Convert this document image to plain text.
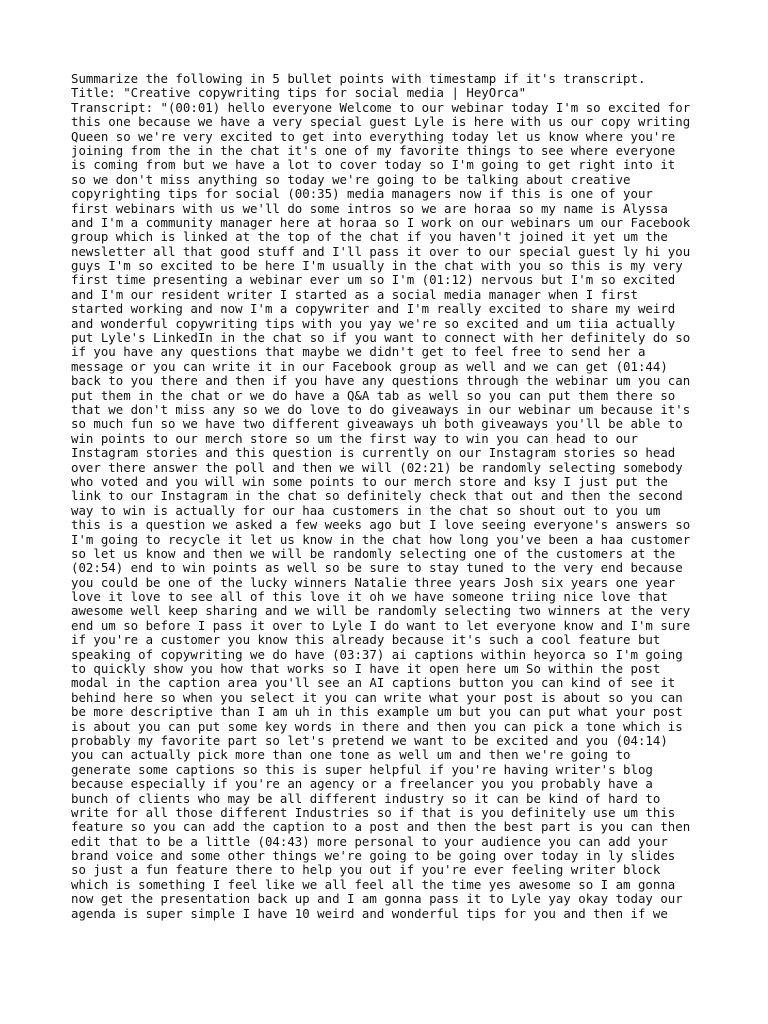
Summarize the following in 5 bullet points with timestamp if it's transcript.
Title: "Creative copywriting tips for social media | HeyOrca"
Transcript: "(00:01) hello everyone Welcome to our webinar today I'm so excited for
this one because we have a very special guest Lyle is here with us our copy writing
Queen so we're very excited to get into everything today let us know where you're
joining from the in the chat it's one of my favorite things to see where everyone
is coming from but we have a lot to cover today so I'm going to get right into it
so we don't miss anything so today we're going to be talking about creative
copyrighting tips for social (00:35) media managers now if this is one of your
first webinars with us we'll do some intros so we are horaa so my name is Alyssa
and I'm a community manager here at horaa so I work on our webinars um our Facebook
group which is linked at the top of the chat if you haven't joined it yet um the
newsletter all that good stuff and I'll pass it over to our special guest ly hi you
guys I'm so excited to be here I'm usually in the chat with you so this is my very
first time presenting a webinar ever um so I'm (01:12) nervous but I'm so excited
and I'm our resident writer I started as a social media manager when I first
started working and now I'm a copywriter and I'm really excited to share my weird
and wonderful copywriting tips with you yay we're so excited and um tiia actually
put Lyle's LinkedIn in the chat so if you want to connect with her definitely do so
if you have any questions that maybe we didn't get to feel free to send her a
message or you can write it in our Facebook group as well and we can get (01:44)
back to you there and then if you have any questions through the webinar um you can
put them in the chat or we do have a Q&A tab as well so you can put them there so
that we don't miss any so we do love to do giveaways in our webinar um because it's
so much fun so we have two different giveaways uh both giveaways you'll be able to
win points to our merch store so um the first way to win you can head to our
Instagram stories and this question is currently on our Instagram stories so head
over there answer the poll and then we will (02:21) be randomly selecting somebody
who voted and you will win some points to our merch store and ksy I just put the
link to our Instagram in the chat so definitely check that out and then the second
way to win is actually for our haa customers in the chat so shout out to you um
this is a question we asked a few weeks ago but I love seeing everyone's answers so
I'm going to recycle it let us know in the chat how long you've been a haa customer
so let us know and then we will be randomly selecting one of the customers at the
(02:54) end to win points as well so be sure to stay tuned to the very end because
you could be one of the lucky winners Natalie three years Josh six years one year
love it love to see all of this love it oh we have someone triing nice love that
awesome well keep sharing and we will be randomly selecting two winners at the very
end um so before I pass it over to Lyle I do want to let everyone know and I'm sure
if you're a customer you know this already because it's such a cool feature but
speaking of copywriting we do have (03:37) ai captions within heyorca so I'm going
to quickly show you how that works so I have it open here um So within the post
modal in the caption area you'll see an AI captions button you can kind of see it
behind here so when you select it you can write what your post is about so you can
be more descriptive than I am uh in this example um but you can put what your post
is about you can put some key words in there and then you can pick a tone which is
probably my favorite part so let's pretend we want to be excited and you (04:14)
you can actually pick more than one tone as well um and then we're going to
generate some captions so this is super helpful if you're having writer's blog
because especially if you're an agency or a freelancer you you probably have a
bunch of clients who may be all different industry so it can be kind of hard to
write for all those different Industries so if that is you definitely use um this
feature so you can add the caption to a post and then the best part is you can then
edit that to be a little (04:43) more personal to your audience you can add your
brand voice and some other things we're going to be going over today in ly slides
so just a fun feature there to help you out if you're ever feeling writer block
which is something I feel like we all feel all the time yes awesome so I am gonna
now get the presentation back up and I am gonna pass it to Lyle yay okay today our
agenda is super simple I have 10 weird and wonderful tips for you and then if we
